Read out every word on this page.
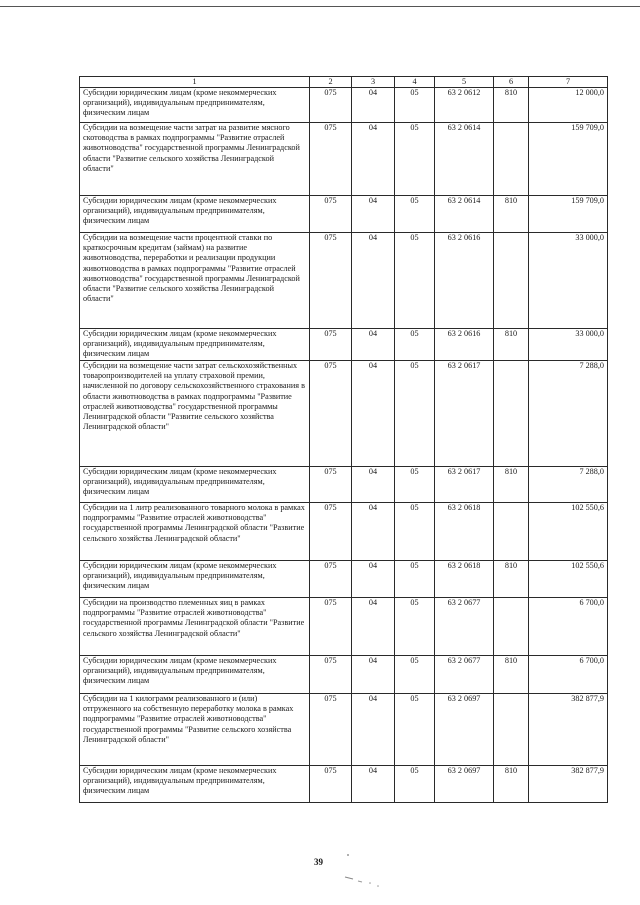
1	2	3	4	5	6	7
Субсидии юридическим лицам (кроме некоммерческих организаций), индивидуальным предпринимателям, физическим лицам	075	04	05	63 2 0612	810	12 000,0
Субсидии на возмещение части затрат на развитие мясного скотоводства в рамках подпрограммы "Развитие отраслей животноводства" государственной программы Ленинградской области "Развитие сельского хозяйства Ленинградской области"	075	04	05	63 2 0614		159 709,0
Субсидии юридическим лицам (кроме некоммерческих организаций), индивидуальным предпринимателям, физическим лицам	075	04	05	63 2 0614	810	159 709,0
Субсидии на возмещение части процентной ставки по краткосрочным кредитам (займам) на развитие животноводства, переработки и реализации продукции животноводства в рамках подпрограммы "Развитие отраслей животноводства" государственной программы Ленинградской области "Развитие сельского хозяйства Ленинградской области"	075	04	05	63 2 0616		33 000,0
Субсидии юридическим лицам (кроме некоммерческих организаций), индивидуальным предпринимателям, физическим лицам	075	04	05	63 2 0616	810	33 000,0
Субсидии на возмещение части затрат сельскохозяйственных товаропроизводителей на уплату страховой премии, начисленной по договору сельскохозяйственного страхования в области животноводства в рамках подпрограммы "Развитие отраслей животноводства" государственной программы Ленинградской области "Развитие сельского хозяйства Ленинградской области"	075	04	05	63 2 0617		7 288,0
Субсидии юридическим лицам (кроме некоммерческих организаций), индивидуальным предпринимателям, физическим лицам	075	04	05	63 2 0617	810	7 288,0
Субсидии на 1 литр реализованного товарного молока в рамках подпрограммы "Развитие отраслей животноводства" государственной программы Ленинградской области "Развитие сельского хозяйства Ленинградской области"	075	04	05	63 2 0618		102 550,6
Субсидии юридическим лицам (кроме некоммерческих организаций), индивидуальным предпринимателям, физическим лицам	075	04	05	63 2 0618	810	102 550,6
Субсидии на производство племенных яиц в рамках подпрограммы "Развитие отраслей животноводства" государственной программы Ленинградской области "Развитие сельского хозяйства Ленинградской области"	075	04	05	63 2 0677		6 700,0
Субсидии юридическим лицам (кроме некоммерческих организаций), индивидуальным предпринимателям, физическим лицам	075	04	05	63 2 0677	810	6 700,0
Субсидии на 1 килограмм реализованного и (или) отгруженного на собственную переработку молока в рамках подпрограммы "Развитие отраслей животноводства" государственной программы "Развитие сельского хозяйства Ленинградской области"	075	04	05	63 2 0697		382 877,9
Субсидии юридическим лицам (кроме некоммерческих организаций), индивидуальным предпринимателям, физическим лицам	075	04	05	63 2 0697	810	382 877,9
39
